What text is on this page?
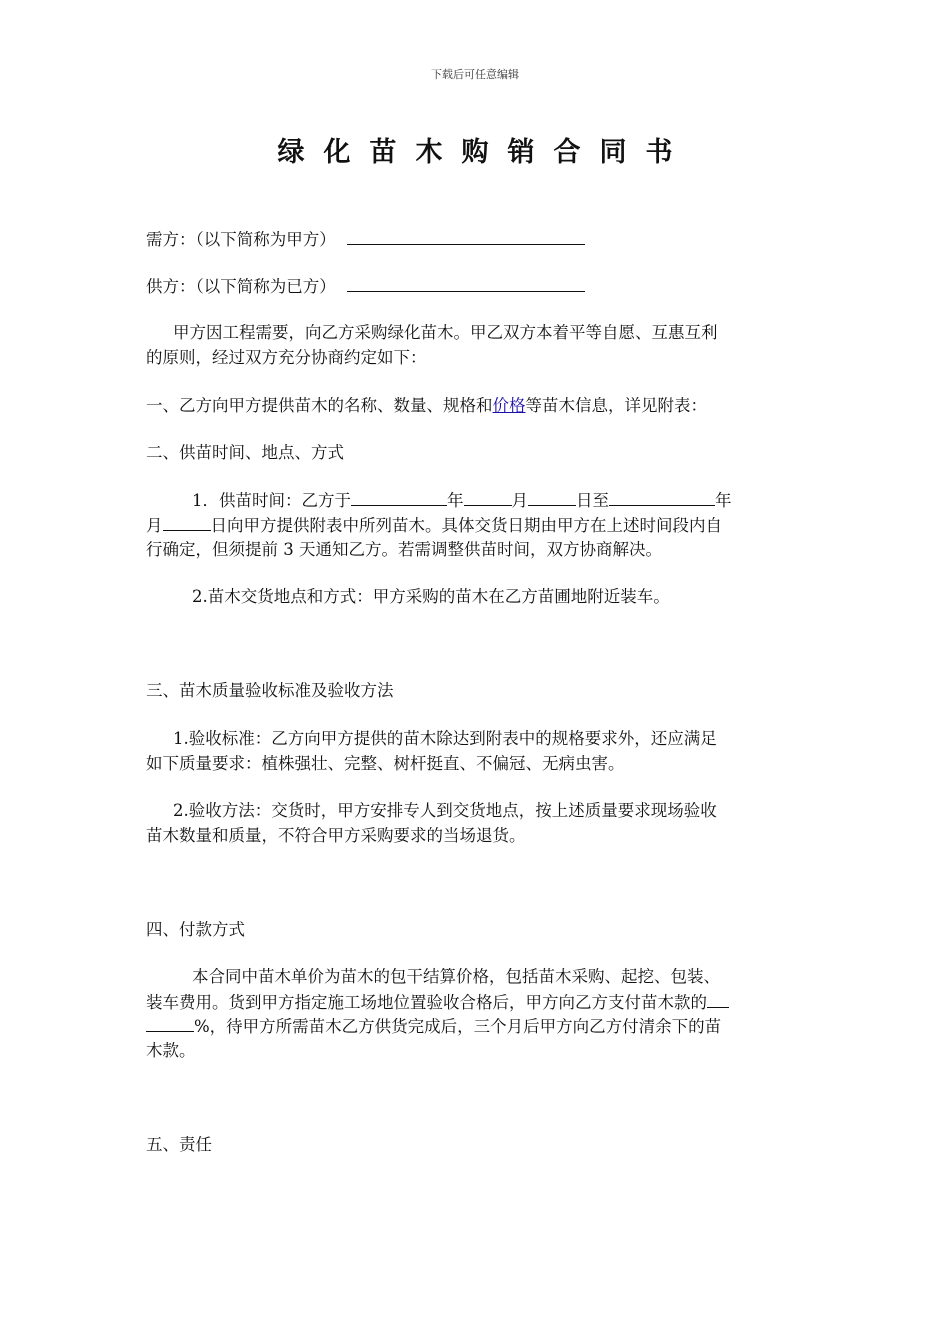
下载后可任意编辑
绿化苗木购销合同书
需方：（以下简称为甲方）
供方：（以下简称为已方）
甲方因工程需要，向乙方采购绿化苗木。甲乙双方本着平等自愿、互惠互利
的原则，经过双方充分协商约定如下：
一、乙方向甲方提供苗木的名称、数量、规格和价格等苗木信息，详见附表：
二、供苗时间、地点、方式
1．供苗时间：乙方于	年	月	日至	年
月	日向甲方提供附表中所列苗木。具体交货日期由甲方在上述时间段内自
行确定，但须提前 3 天通知乙方。若需调整供苗时间，双方协商解决。
2.苗木交货地点和方式：甲方采购的苗木在乙方苗圃地附近装车。
三、苗木质量验收标准及验收方法
1.验收标准：乙方向甲方提供的苗木除达到附表中的规格要求外，还应满足
如下质量要求：植株强壮、完整、树杆挺直、不偏冠、无病虫害。
2.验收方法：交货时，甲方安排专人到交货地点，按上述质量要求现场验收
苗木数量和质量，不符合甲方采购要求的当场退货。
四、付款方式
本合同中苗木单价为苗木的包干结算价格，包括苗木采购、起挖、包装、
装车费用。货到甲方指定施工场地位置验收合格后，甲方向乙方支付苗木款的
%，待甲方所需苗木乙方供货完成后，三个月后甲方向乙方付清余下的苗
木款。
五、责任
